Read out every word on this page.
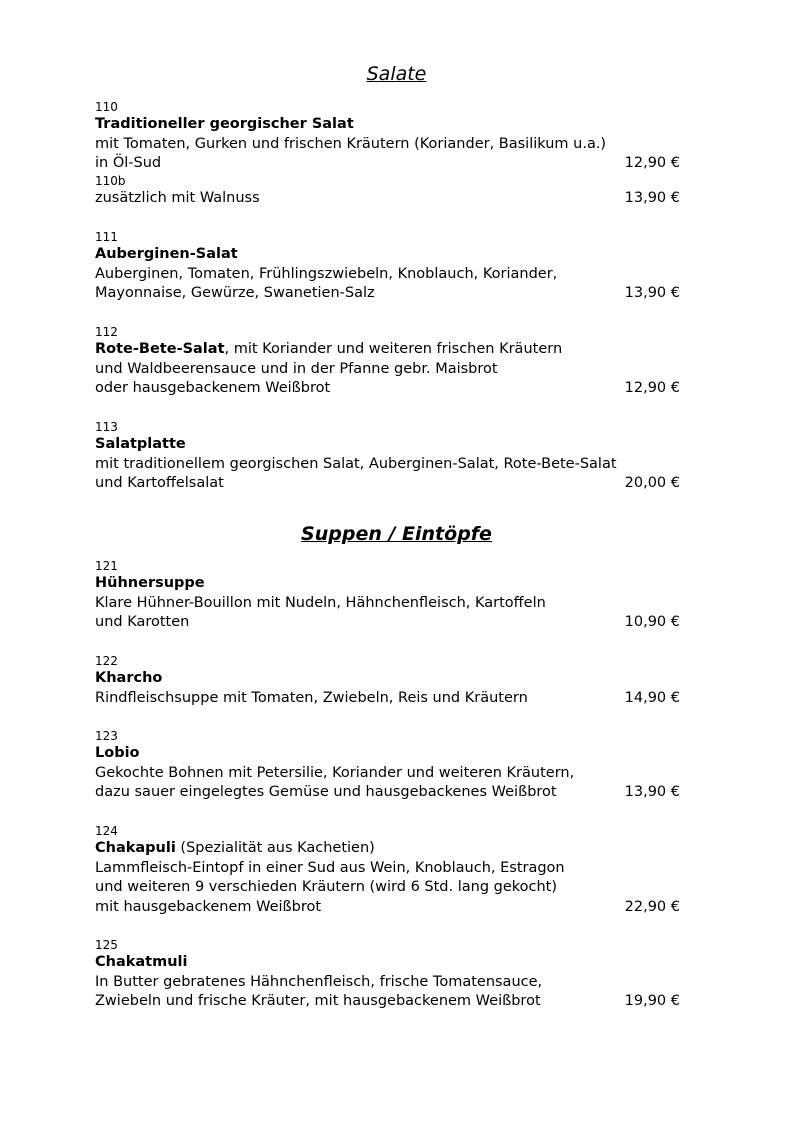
Salate
110
Traditioneller georgischer Salat
mit Tomaten, Gurken und frischen Kräutern (Koriander, Basilikum u.a.)
in Öl-Sud	12,90 €
110b
zusätzlich mit Walnuss	13,90 €
111
Auberginen-Salat
Auberginen, Tomaten, Frühlingszwiebeln, Knoblauch, Koriander,
Mayonnaise, Gewürze, Swanetien-Salz	13,90 €
112
Rote-Bete-Salat, mit Koriander und weiteren frischen Kräutern
und Waldbeerensauce und in der Pfanne gebr. Maisbrot
oder hausgebackenem Weißbrot	12,90 €
113
Salatplatte
mit traditionellem georgischen Salat, Auberginen-Salat, Rote-Bete-Salat
und Kartoffelsalat	20,00 €
Suppen / Eintöpfe
121
Hühnersuppe
Klare Hühner-Bouillon mit Nudeln, Hähnchenfleisch, Kartoffeln
und Karotten	10,90 €
122
Kharcho
Rindfleischsuppe mit Tomaten, Zwiebeln, Reis und Kräutern	14,90 €
123
Lobio
Gekochte Bohnen mit Petersilie, Koriander und weiteren Kräutern,
dazu sauer eingelegtes Gemüse und hausgebackenes Weißbrot	13,90 €
124
Chakapuli (Spezialität aus Kachetien)
Lammfleisch-Eintopf in einer Sud aus Wein, Knoblauch, Estragon
und weiteren 9 verschieden Kräutern (wird 6 Std. lang gekocht)
mit hausgebackenem Weißbrot	22,90 €
125
Chakatmuli
In Butter gebratenes Hähnchenfleisch, frische Tomatensauce,
Zwiebeln und frische Kräuter, mit hausgebackenem Weißbrot	19,90 €
